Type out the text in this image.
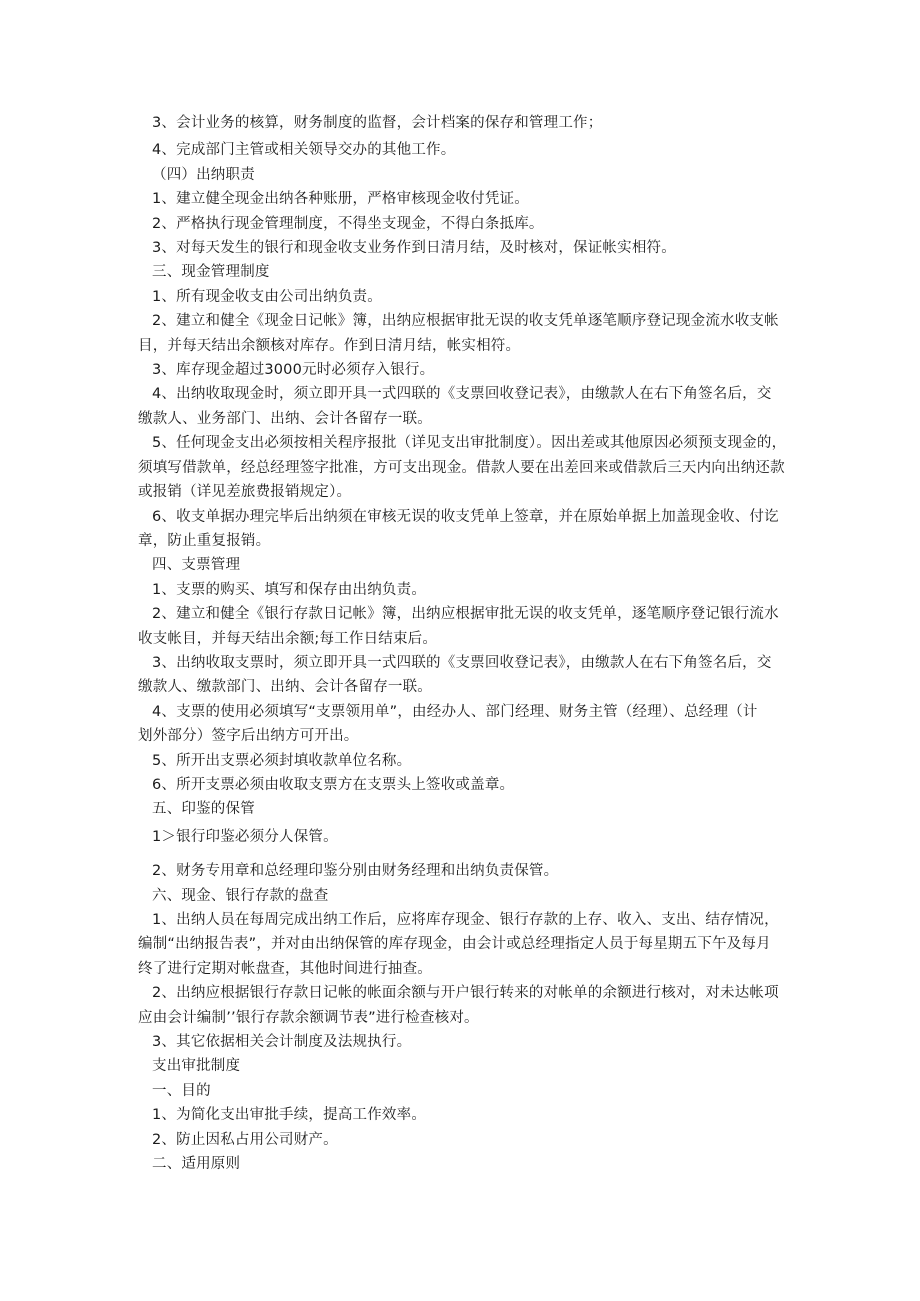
3、会计业务的核算，财务制度的监督，会计档案的保存和管理工作；
4、完成部门主管或相关领导交办的其他工作。
（四）出纳职责
1、建立健全现金出纳各种账册，严格审核现金收付凭证。
2、严格执行现金管理制度，不得坐支现金，不得白条抵库。
3、对每天发生的银行和现金收支业务作到日清月结，及时核对，保证帐实相符。
三、现金管理制度
1、所有现金收支由公司出纳负责。
2、建立和健全《现金日记帐》簿，出纳应根据审批无误的收支凭单逐笔顺序登记现金流水收支帐
目，并每天结出余额核对库存。作到日清月结，帐实相符。
3、库存现金超过3000元时必须存入银行。
4、出纳收取现金时，须立即开具一式四联的《支票回收登记表》，由缴款人在右下角签名后，交
缴款人、业务部门、出纳、会计各留存一联。
5、任何现金支出必须按相关程序报批（详见支出审批制度）。因出差或其他原因必须预支现金的，
须填写借款单，经总经理签字批准，方可支出现金。借款人要在出差回来或借款后三天内向出纳还款
或报销（详见差旅费报销规定）。
6、收支单据办理完毕后出纳须在审核无误的收支凭单上签章，并在原始单据上加盖现金收、付讫
章，防止重复报销。
四、支票管理
1、支票的购买、填写和保存由出纳负责。
2、建立和健全《银行存款日记帐》簿，出纳应根据审批无误的收支凭单，逐笔顺序登记银行流水
收支帐目，并每天结出余额;每工作日结束后。
3、出纳收取支票时，须立即开具一式四联的《支票回收登记表》，由缴款人在右下角签名后，交
缴款人、缴款部门、出纳、会计各留存一联。
4、支票的使用必须填写“支票领用单”，由经办人、部门经理、财务主管（经理）、总经理（计
划外部分）签字后出纳方可开出。
5、所开出支票必须封填收款单位名称。
6、所开支票必须由收取支票方在支票头上签收或盖章。
五、印鉴的保管
1＞银行印鉴必须分人保管。
2、财务专用章和总经理印鉴分别由财务经理和出纳负责保管。
六、现金、银行存款的盘查
1、出纳人员在每周完成出纳工作后，应将库存现金、银行存款的上存、收入、支出、结存情况，
编制“出纳报告表”，并对由出纳保管的库存现金，由会计或总经理指定人员于每星期五下午及每月
终了进行定期对帐盘查，其他时间进行抽查。
2、出纳应根据银行存款日记帐的帐面余额与开户银行转来的对帐单的余额进行核对，对未达帐项
应由会计编制’’银行存款余额调节表”进行检查核对。
3、其它依据相关会计制度及法规执行。
支出审批制度
一、目的
1、为简化支出审批手续，提高工作效率。
2、防止因私占用公司财产。
二、适用原则
